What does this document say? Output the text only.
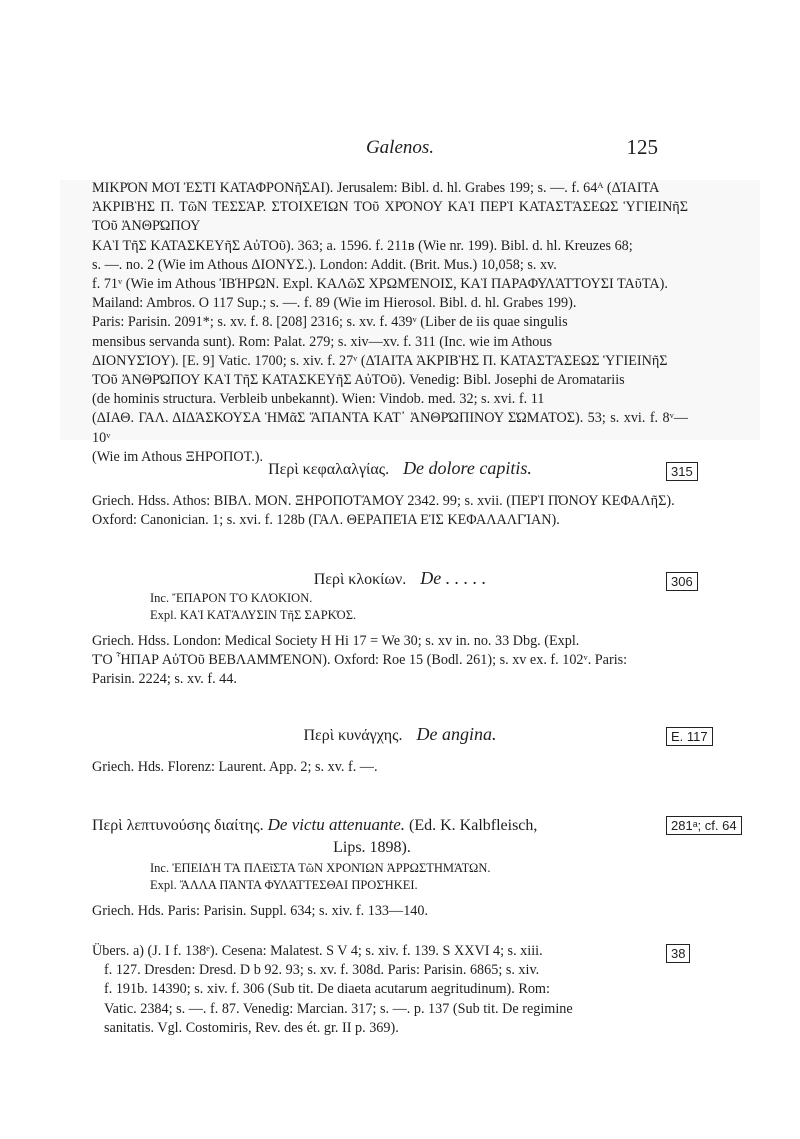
Galenos.	125
ΜΙΚΡΌΝ ΜΟΊ ἘΣΤΙ ΚΑΤΑΦΡΟΝῆΣΑΙ). Jerusalem: Bibl. d. hl. Grabes 199; s. —. f. 64ᴬ (ΔΊΑΙΤΑ
ἈΚΡΙΒῊΣ Π. ΤῶΝ ΤΕΣΣΆΡ. ΣΤΟΙΧΕΊΩΝ ΤΟῦ ΧΡΌΝΟΥ ΚΑῚ ΠΕΡῚ ΚΑΤΑΣΤΆΣΕΩΣ ὙΓΙΕΙΝῆΣ ΤΟῦ ἈΝΘΡΏΠΟΥ
ΚΑῚ ΤῆΣ ΚΑΤΑΣΚΕΥῆΣ ΑὐΤΟῦ). 363; a. 1596. f. 211ʙ (Wie nr. 199). Bibl. d. hl. Kreuzes 68;
s. —. no. 2 (Wie im Athous ΔΙΟΝΥΣ.). London: Addit. (Brit. Mus.) 10,058; s. xv.
f. 71ᵛ (Wie im Athous ἸΒΉΡΩΝ. Expl. ΚΑΛῶΣ ΧΡΩΜΈΝΟΙΣ, ΚΑῚ ΠΑΡΑΦΥΛΆΤΤΟΥΣΙ ΤΑῦΤΑ).
Mailand: Ambros. O 117 Sup.; s. —. f. 89 (Wie im Hierosol. Bibl. d. hl. Grabes 199).
Paris: Parisin. 2091*; s. xv. f. 8. [208] 2316; s. xv. f. 439ᵛ (Liber de iis quae singulis
mensibus servanda sunt). Rom: Palat. 279; s. xiv—xv. f. 311 (Inc. wie im Athous
ΔΙΟΝΥΣΊΟΥ). [E. 9] Vatic. 1700; s. xiv. f. 27ᵛ (ΔΊΑΙΤΑ ἈΚΡΙΒῊΣ Π. ΚΑΤΑΣΤΆΣΕΩΣ ὙΓΙΕΙΝῆΣ
ΤΟῦ ἈΝΘΡΏΠΟΥ ΚΑῚ ΤῆΣ ΚΑΤΑΣΚΕΥῆΣ ΑὐΤΟῦ). Venedig: Bibl. Josephi de Aromatariis
(de hominis structura. Verbleib unbekannt). Wien: Vindob. med. 32; s. xvi. f. 11
(ΔΙΑΘ. ΓΑΛ. ΔΙΔΆΣΚΟΥΣΑ ἩΜᾶΣ ἍΠΑΝΤΑ ΚΑΤ᾽ ἈΝΘΡΏΠΙΝΟΥ ΣΏΜΑΤΟΣ). 53; s. xvi. f. 8ᵛ—10ᵛ
(Wie im Athous ΞΗΡΟΠΟΤ.).
Περὶ κεφαλαλγίας. De dolore capitis.	315
Griech. Hdss. Athos: ΒΙΒΛ. ΜΟΝ. ΞΗΡΟΠΟΤΆΜΟΥ 2342. 99; s. xvii. (ΠΕΡῚ ΠΌΝΟΥ ΚΕΦΑΛῆΣ).
Oxford: Canonician. 1; s. xvi. f. 128b (ΓΑΛ. ΘΕΡΑΠΕΊΑ ΕἸΣ ΚΕΦΑΛΑΛΓΊΑΝ).
Περὶ κλοκίων. De . . . . .	306
Inc. ἜΠΑΡΟΝ ΤῸ ΚΛΌΚΙΟΝ.
Expl. ΚΑῚ ΚΑΤΆΛΥΣΙΝ ΤῆΣ ΣΑΡΚΌΣ.
Griech. Hdss. London: Medical Society H Hi 17 = We 30; s. xv in. no. 33 Dbg. (Expl.
ΤῸ ἯΠΑΡ ΑὐΤΟῦ ΒΕΒΛΑΜΜΈΝΟΝ). Oxford: Roe 15 (Bodl. 261); s. xv ex. f. 102ᵛ. Paris:
Parisin. 2224; s. xv. f. 44.
Περὶ κυνάγχης. De angina.	E. 117
Griech. Hds. Florenz: Laurent. App. 2; s. xv. f. —.
Περὶ λεπτυνούσης διαίτης. De victu attenuante. (Ed. K. Kalbfleisch,
Lips. 1898).
281ᵃ; cf. 64
Inc. ἘΠΕΙΔῊ ΤᾺ ΠΛΕῖΣΤΑ ΤῶΝ ΧΡΟΝΊΩΝ ἈΡΡΩΣΤΗΜΆΤΩΝ.
Expl. ἌΛΛΑ ΠΆΝΤΑ ΦΥΛΆΤΤΕΣΘΑΙ ΠΡΟΣΉΚΕΙ.
Griech. Hds. Paris: Parisin. Suppl. 634; s. xiv. f. 133—140.
38
Übers. a) (J. I f. 138ᵉ). Cesena: Malatest. S V 4; s. xiv. f. 139. S XXVI 4; s. xiii.
f. 127. Dresden: Dresd. D b 92. 93; s. xv. f. 308d. Paris: Parisin. 6865; s. xiv.
f. 191b. 14390; s. xiv. f. 306 (Sub tit. De diaeta acutarum aegritudinum). Rom:
Vatic. 2384; s. —. f. 87. Venedig: Marcian. 317; s. —. p. 137 (Sub tit. De regimine
sanitatis. Vgl. Costomiris, Rev. des ét. gr. II p. 369).
